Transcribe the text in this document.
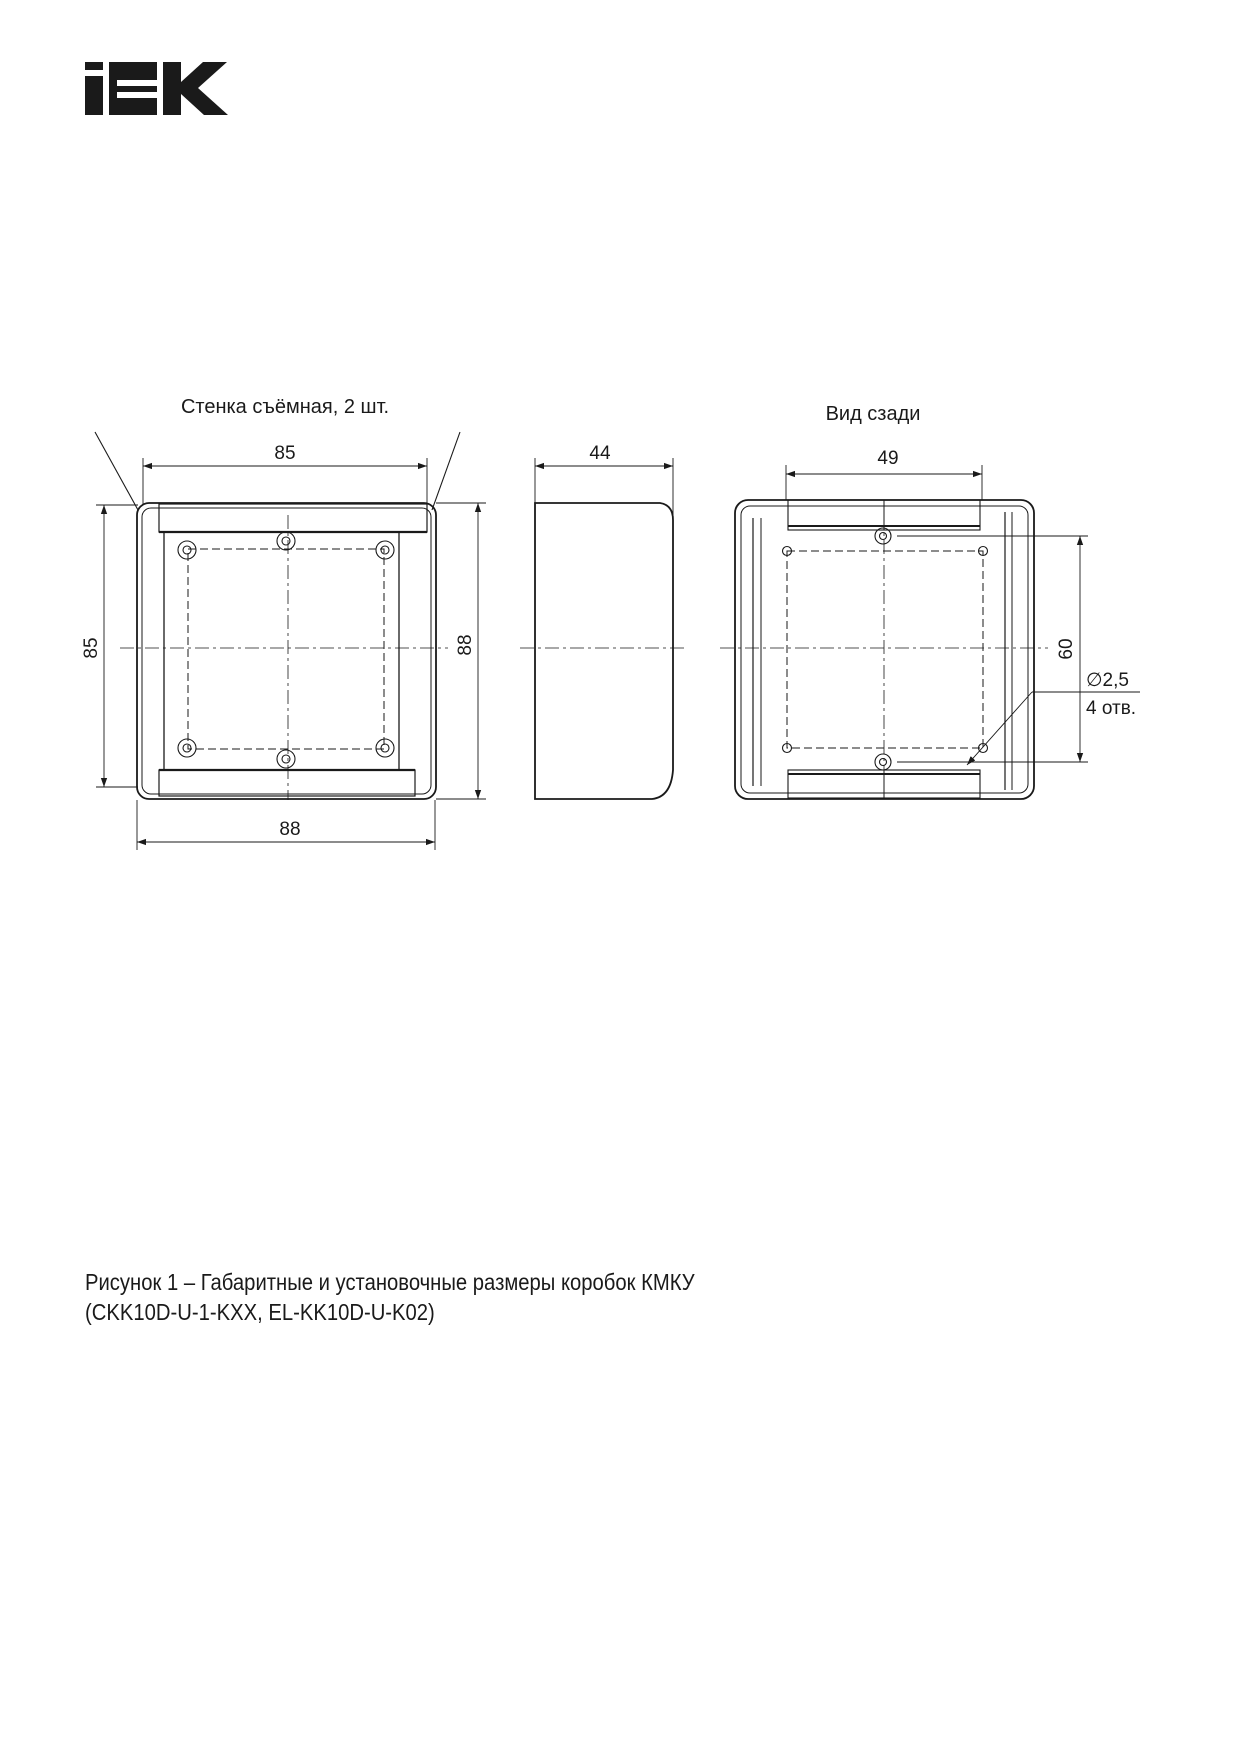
Стенка съёмная, 2 шт.
85
88
85	88
44
Вид сзади
49
60
∅2,5
4 отв.
Рисунок 1 – Габаритные и установочные размеры коробок КМКУ
(CKK10D-U-1-KXX, EL-KK10D-U-K02)
